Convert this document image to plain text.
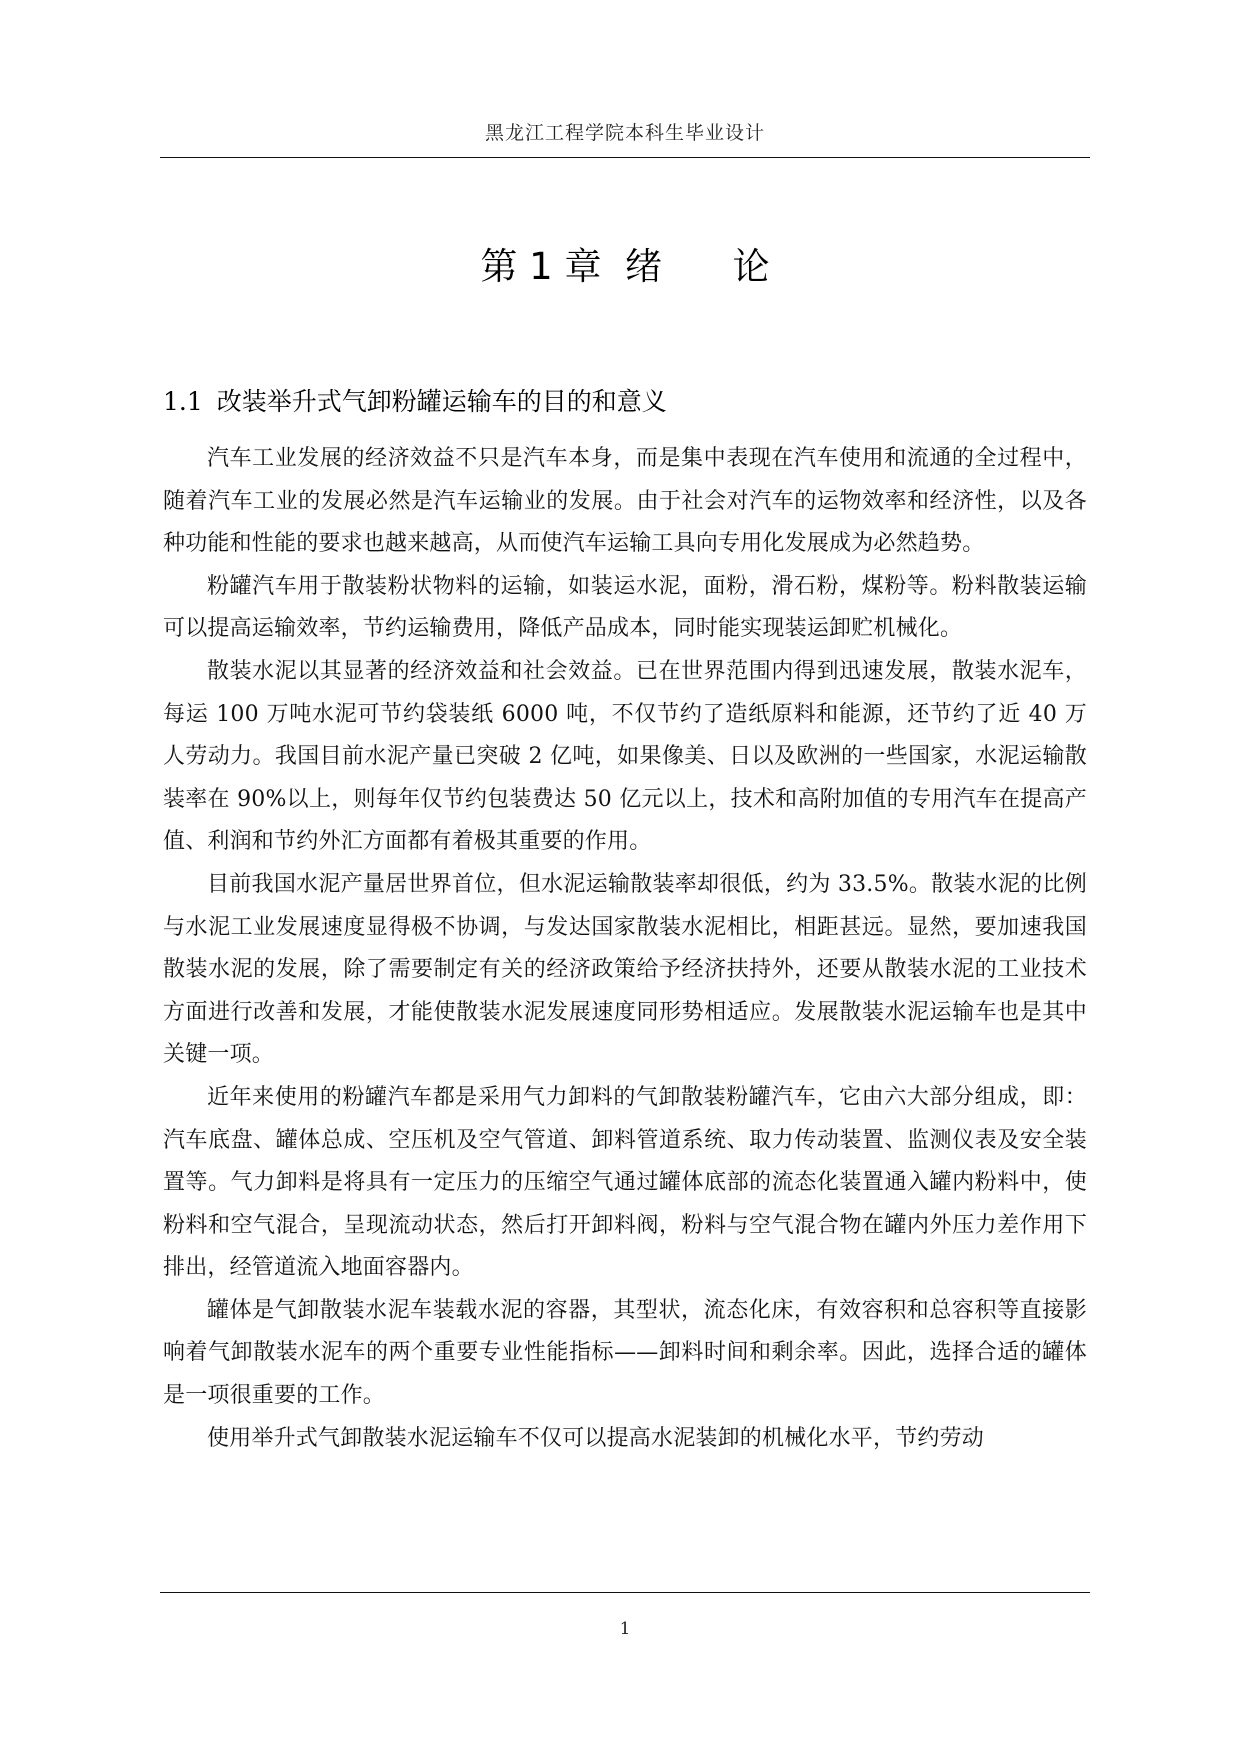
黑龙江工程学院本科生毕业设计
第 1 章  绪      论
1.1 改装举升式气卸粉罐运输车的目的和意义

汽车工业发展的经济效益不只是汽车本身，而是集中表现在汽车使用和流通的全过程中，随着汽车工业的发展必然是汽车运输业的发展。由于社会对汽车的运物效率和经济性，以及各种功能和性能的要求也越来越高，从而使汽车运输工具向专用化发展成为必然趋势。

粉罐汽车用于散装粉状物料的运输，如装运水泥，面粉，滑石粉，煤粉等。粉料散装运输可以提高运输效率，节约运输费用，降低产品成本，同时能实现装运卸贮机械化。

散装水泥以其显著的经济效益和社会效益。已在世界范围内得到迅速发展，散装水泥车，每运 100 万吨水泥可节约袋装纸 6000 吨，不仅节约了造纸原料和能源，还节约了近 40 万人劳动力。我国目前水泥产量已突破 2 亿吨，如果像美、日以及欧洲的一些国家，水泥运输散装率在 90%以上，则每年仅节约包装费达 50 亿元以上，技术和高附加值的专用汽车在提高产值、利润和节约外汇方面都有着极其重要的作用。

目前我国水泥产量居世界首位，但水泥运输散装率却很低，约为 33.5%。散装水泥的比例与水泥工业发展速度显得极不协调，与发达国家散装水泥相比，相距甚远。显然，要加速我国散装水泥的发展，除了需要制定有关的经济政策给予经济扶持外，还要从散装水泥的工业技术方面进行改善和发展，才能使散装水泥发展速度同形势相适应。发展散装水泥运输车也是其中关键一项。

近年来使用的粉罐汽车都是采用气力卸料的气卸散装粉罐汽车，它由六大部分组成，即：汽车底盘、罐体总成、空压机及空气管道、卸料管道系统、取力传动装置、监测仪表及安全装置等。气力卸料是将具有一定压力的压缩空气通过罐体底部的流态化装置通入罐内粉料中，使粉料和空气混合，呈现流动状态，然后打开卸料阀，粉料与空气混合物在罐内外压力差作用下排出，经管道流入地面容器内。

罐体是气卸散装水泥车装载水泥的容器，其型状，流态化床，有效容积和总容积等直接影响着气卸散装水泥车的两个重要专业性能指标——卸料时间和剩余率。因此，选择合适的罐体是一项很重要的工作。

使用举升式气卸散装水泥运输车不仅可以提高水泥装卸的机械化水平，节约劳动

1
